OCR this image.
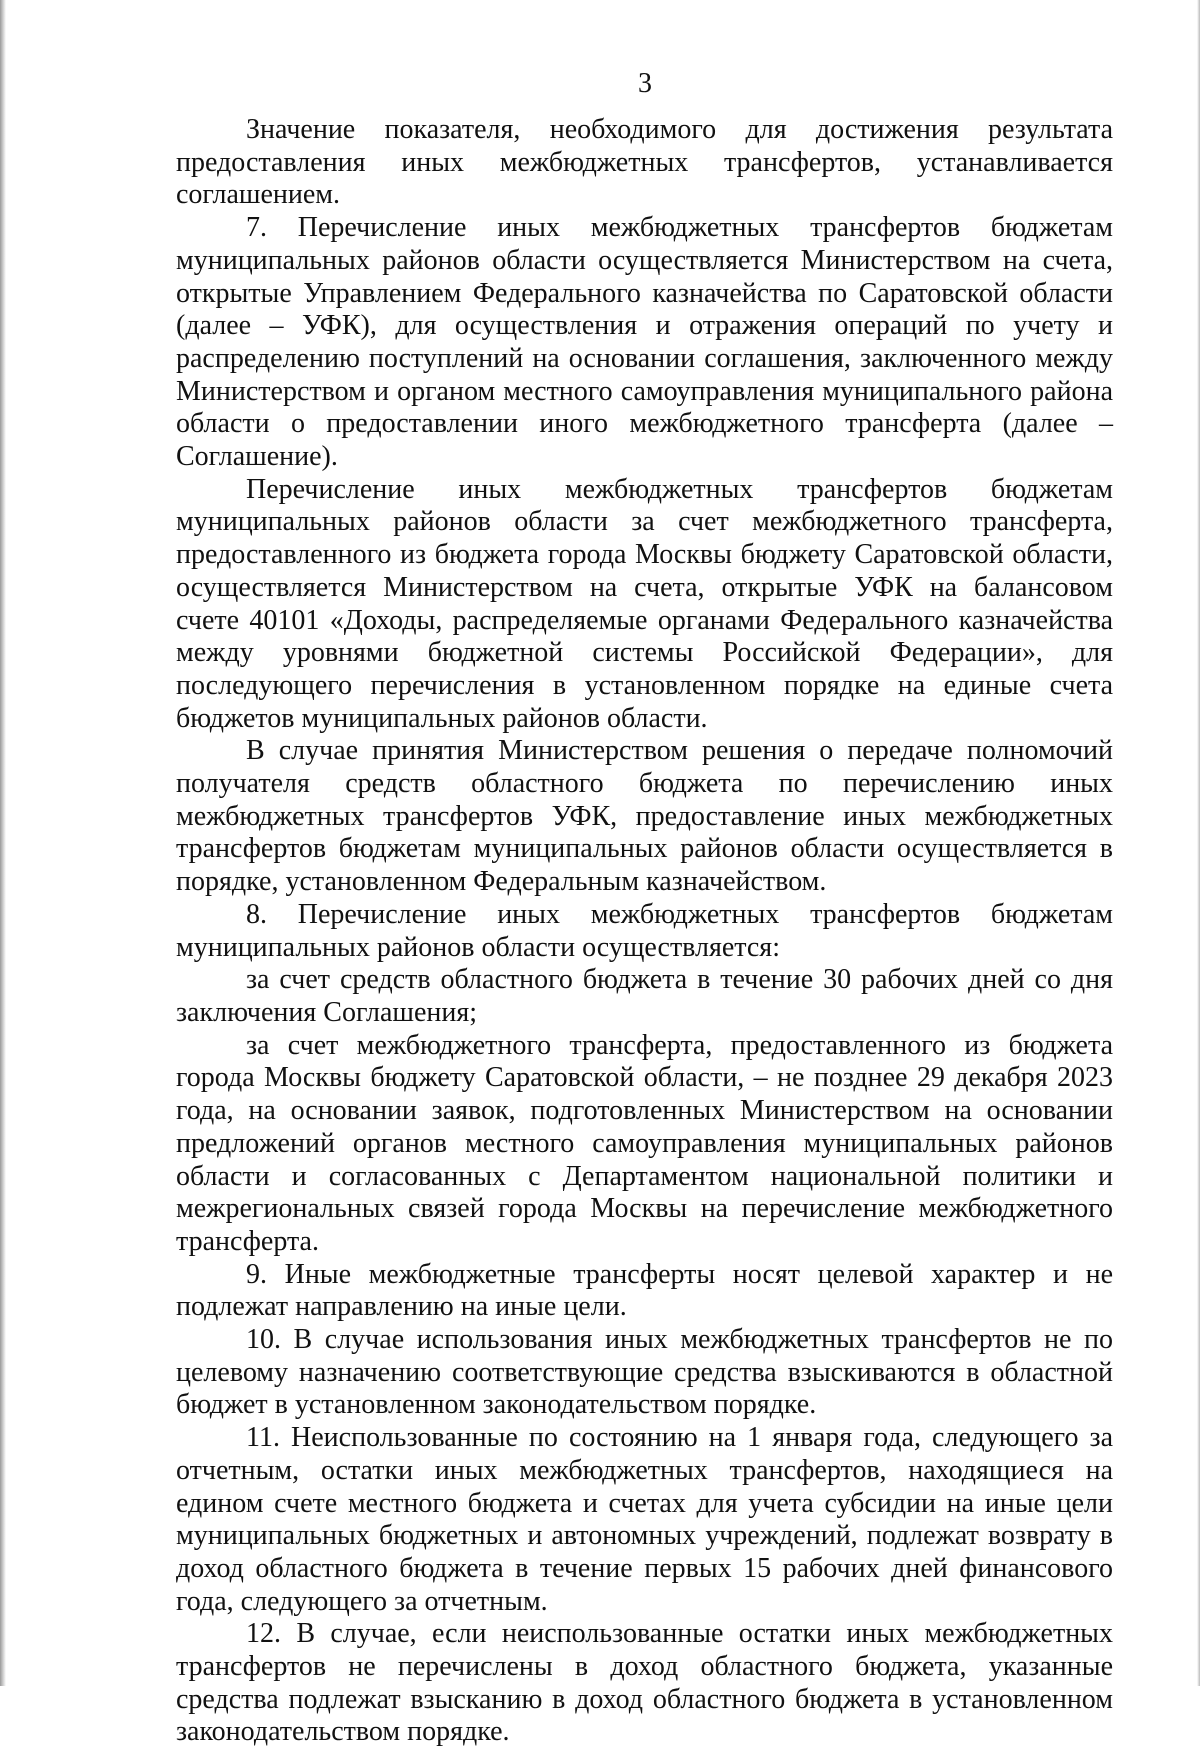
3

Значение показателя, необходимого для достижения результата предоставления иных межбюджетных трансфертов, устанавливается соглашением.

7. Перечисление иных межбюджетных трансфертов бюджетам муниципальных районов области осуществляется Министерством на счета, открытые Управлением Федерального казначейства по Саратовской области (далее – УФК), для осуществления и отражения операций по учету и распределению поступлений на основании соглашения, заключенного между Министерством и органом местного самоуправления муниципального района области о предоставлении иного межбюджетного трансферта (далее – Соглашение).

Перечисление иных межбюджетных трансфертов бюджетам муниципальных районов области за счет межбюджетного трансферта, предоставленного из бюджета города Москвы бюджету Саратовской области, осуществляется Министерством на счета, открытые УФК на балансовом счете 40101 «Доходы, распределяемые органами Федерального казначейства между уровнями бюджетной системы Российской Федерации», для последующего перечисления в установленном порядке на единые счета бюджетов муниципальных районов области.

В случае принятия Министерством решения о передаче полномочий получателя средств областного бюджета по перечислению иных межбюджетных трансфертов УФК, предоставление иных межбюджетных трансфертов бюджетам муниципальных районов области осуществляется в порядке, установленном Федеральным казначейством.

8. Перечисление иных межбюджетных трансфертов бюджетам муниципальных районов области осуществляется:

за счет средств областного бюджета в течение 30 рабочих дней со дня заключения Соглашения;

за счет межбюджетного трансферта, предоставленного из бюджета города Москвы бюджету Саратовской области, – не позднее 29 декабря 2023 года, на основании заявок, подготовленных Министерством на основании предложений органов местного самоуправления муниципальных районов области и согласованных с Департаментом национальной политики и межрегиональных связей города Москвы на перечисление межбюджетного трансферта.

9. Иные межбюджетные трансферты носят целевой характер и не подлежат направлению на иные цели.

10. В случае использования иных межбюджетных трансфертов не по целевому назначению соответствующие средства взыскиваются в областной бюджет в установленном законодательством порядке.

11. Неиспользованные по состоянию на 1 января года, следующего за отчетным, остатки иных межбюджетных трансфертов, находящиеся на едином счете местного бюджета и счетах для учета субсидии на иные цели муниципальных бюджетных и автономных учреждений, подлежат возврату в доход областного бюджета в течение первых 15 рабочих дней финансового года, следующего за отчетным.

12. В случае, если неиспользованные остатки иных межбюджетных трансфертов не перечислены в доход областного бюджета, указанные средства подлежат взысканию в доход областного бюджета в установленном законодательством порядке.
